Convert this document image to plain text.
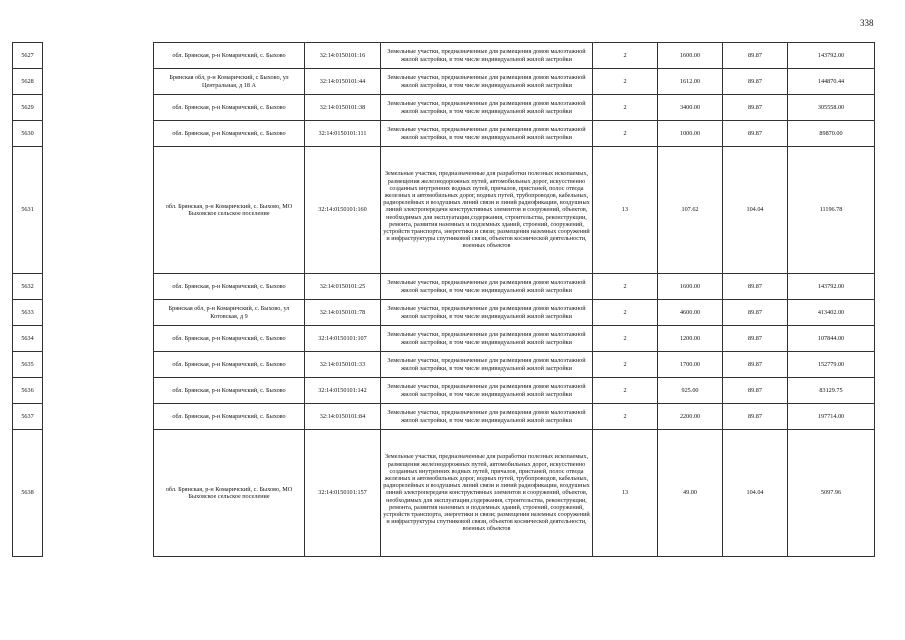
338
5627		обл. Брянская, р-н Комаричский, с. Быхово	32:14:0150101:16	Земельные участки, предназначенные для размещения домов малоэтажной жилой застройки, в том числе индивидуальной жилой застройки	2	1600.00	89.87	143792.00
5628		Брянская обл, р-н Комаричский, с Быхово, ул Центральная, д 18 А	32:14:0150101:44	Земельные участки, предназначенные для размещения домов малоэтажной жилой застройки, в том числе индивидуальной жилой застройки	2	1612.00	89.87	144870.44
5629		обл. Брянская, р-н Комаричский, с. Быхово	32:14:0150101:38	Земельные участки, предназначенные для размещения домов малоэтажной жилой застройки, в том числе индивидуальной жилой застройки	2	3400.00	89.87	305558.00
5630		обл. Брянская, р-н Комаричский, с. Быхово	32:14:0150101:111	Земельные участки, предназначенные для размещения домов малоэтажной жилой застройки, в том числе индивидуальной жилой застройки	2	1000.00	89.87	89870.00
5631		обл. Брянская, р-н Комаричский, с. Быхово, МО Быховское сельское поселение	32:14:0150101:160	Земельные участки, предназначенные для разработки полезных ископаемых, размещения железнодорожных путей, автомобильных дорог, искусственно созданных внутренних водных путей, причалов, пристаней, полос отвода железных и автомобильных дорог, водных путей, трубопроводов, кабельных, радиорелейных и воздушных линий связи и линий радиофикации, воздушных линий электропередачи конструктивных элементов и сооружений, объектов, необходимых для эксплуатации,содержания, строительства, реконструкции, ремонта, развития наземных и подземных зданий, строений, сооружений, устройств транспорта, энергетики и связи; размещения наземных сооружений и инфраструктуры спутниковой связи, объектов космической деятельности, военных объектов	13	107.62	104.04	11196.78
5632		обл. Брянская, р-н Комаричский, с. Быхово	32:14:0150101:25	Земельные участки, предназначенные для размещения домов малоэтажной жилой застройки, в том числе индивидуальной жилой застройки	2	1600.00	89.87	143792.00
5633		Брянская обл, р-н Комаричский, с. Быхово, ул Котовская, д 9	32:14:0150101:78	Земельные участки, предназначенные для размещения домов малоэтажной жилой застройки, в том числе индивидуальной жилой застройки	2	4600.00	89.87	413402.00
5634		обл. Брянская, р-н Комаричский, с. Быхово	32:14:0150101:107	Земельные участки, предназначенные для размещения домов малоэтажной жилой застройки, в том числе индивидуальной жилой застройки	2	1200.00	89.87	107844.00
5635		обл. Брянская, р-н Комаричский, с. Быхово	32:14:0150101:33	Земельные участки, предназначенные для размещения домов малоэтажной жилой застройки, в том числе индивидуальной жилой застройки	2	1700.00	89.87	152779.00
5636		обл. Брянская, р-н Комаричский, с. Быхово	32:14:0150101:142	Земельные участки, предназначенные для размещения домов малоэтажной жилой застройки, в том числе индивидуальной жилой застройки	2	925.00	89.87	83129.75
5637		обл. Брянская, р-н Комаричский, с. Быхово	32:14:0150101:84	Земельные участки, предназначенные для размещения домов малоэтажной жилой застройки, в том числе индивидуальной жилой застройки	2	2200.00	89.87	197714.00
5638		обл. Брянская, р-н Комаричский, с. Быхово, МО Быховское сельское поселение	32:14:0150101:157	Земельные участки, предназначенные для разработки полезных ископаемых, размещения железнодорожных путей, автомобильных дорог, искусственно созданных внутренних водных путей, причалов, пристаней, полос отвода железных и автомобильных дорог, водных путей, трубопроводов, кабельных, радиорелейных и воздушных линий связи и линий радиофикации, воздушных линий электропередачи конструктивных элементов и сооружений, объектов, необходимых для эксплуатации,содержания, строительства, реконструкции, ремонта, развития наземных и подземных зданий, строений, сооружений, устройств транспорта, энергетики и связи; размещения наземных сооружений и инфраструктуры спутниковой связи, объектов космической деятельности, военных объектов	13	49.00	104.04	5097.96
